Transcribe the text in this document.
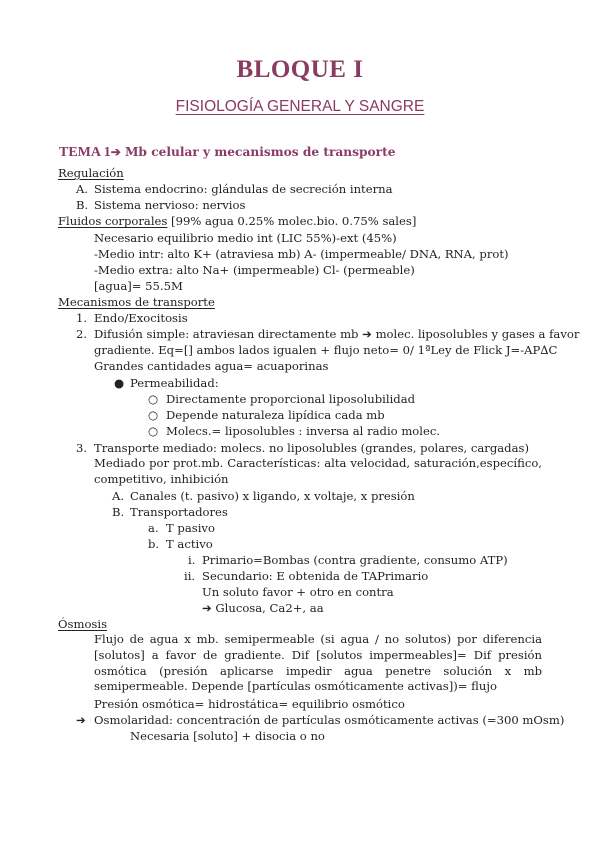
BLOQUE I
FISIOLOGÍA GENERAL Y SANGRE
TEMA 1➔ Mb celular y mecanismos de transporte
Regulación
A. Sistema endocrino: glándulas de secreción interna
B. Sistema nervioso: nervios
Fluidos corporales [99% agua 0.25% molec.bio. 0.75% sales]
Necesario equilibrio medio int (LIC 55%)-ext (45%)
-Medio intr: alto K+ (atraviesa mb) A- (impermeable/ DNA, RNA, prot)
-Medio extra: alto Na+ (impermeable) Cl- (permeable)
[agua]= 55.5M
Mecanismos de transporte
1. Endo/Exocitosis
2. Difusión simple: atraviesan directamente mb ➔ molec. liposolubles y gases a favor
gradiente. Eq=[] ambos lados igualen + flujo neto= 0/ 1ªLey de Flick J=-AP∆C
Grandes cantidades agua= acuaporinas
● Permeabilidad:
○ Directamente proporcional liposolubilidad
○ Depende naturaleza lipídica cada mb
○ Molecs.= liposolubles : inversa al radio molec.
3. Transporte mediado: molecs. no liposolubles (grandes, polares, cargadas)
Mediado por prot.mb. Características: alta velocidad, saturación,específico, competitivo, inhibición
A. Canales (t. pasivo) x ligando, x voltaje, x presión
B. Transportadores
a. T pasivo
b. T activo
i. Primario=Bombas (contra gradiente, consumo ATP)
ii. Secundario: E obtenida de TAPrimario
Un soluto favor + otro en contra
➔ Glucosa, Ca2+, aa
Ósmosis
Flujo de agua x mb. semipermeable (si agua / no solutos) por diferencia [solutos] a favor de gradiente. Dif [solutos impermeables]= Dif presión osmótica (presión aplicarse impedir agua penetre solución x mb semipermeable. Depende [partículas osmóticamente activas])= flujo
Presión osmótica= hidrostática= equilibrio osmótico
➔ Osmolaridad: concentración de partículas osmóticamente activas (=300 mOsm)
Necesaria [soluto] + disocia o no
